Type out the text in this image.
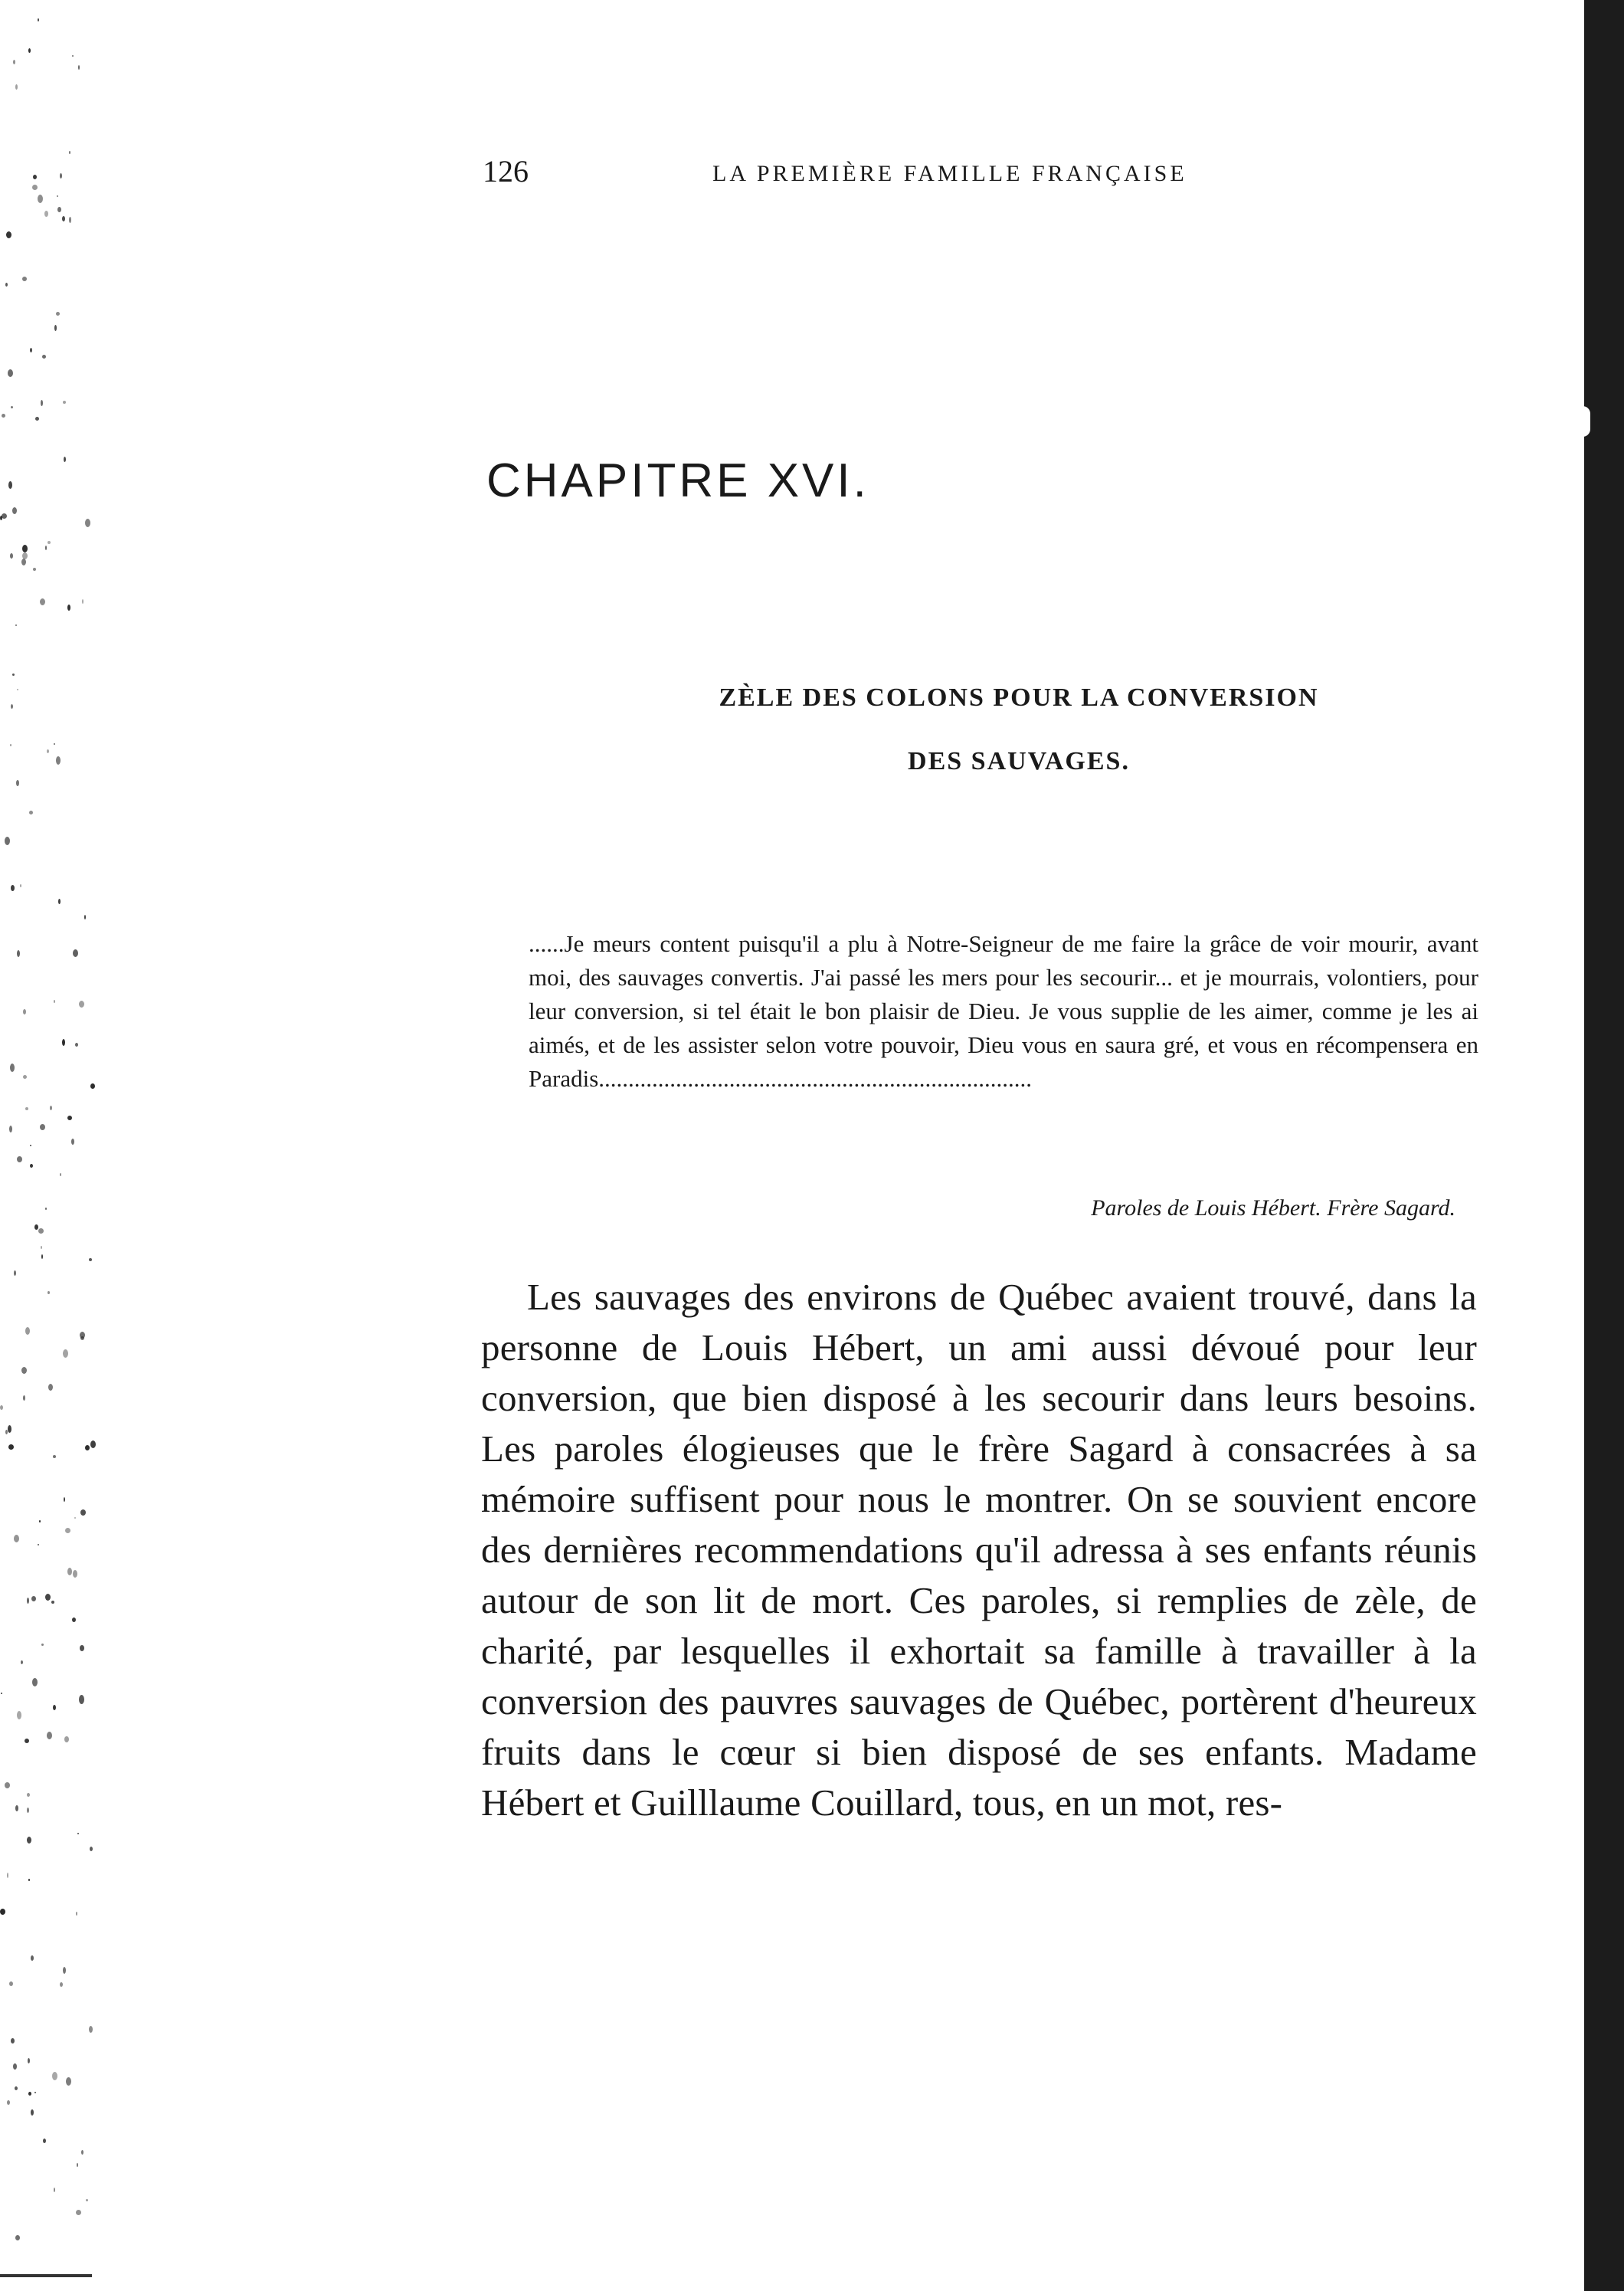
126	LA PREMIÈRE FAMILLE FRANÇAISE
CHAPITRE XVI.
ZÈLE DES COLONS POUR LA CONVERSION
DES SAUVAGES.

......Je meurs content puisqu'il a plu à Notre-Seigneur de me faire la grâce de voir mourir, avant moi, des sauvages convertis. J'ai passé les mers pour les secourir... et je mourrais, volontiers, pour leur conversion, si tel était le bon plaisir de Dieu. Je vous supplie de les aimer, comme je les ai aimés, et de les assister selon votre pouvoir, Dieu vous en saura gré, et vous en récompensera en Paradis.........................................................................

Paroles de Louis Hébert. Frère Sagard.

Les sauvages des environs de Québec avaient trouvé, dans la personne de Louis Hébert, un ami aussi dévoué pour leur conversion, que bien disposé à les secourir dans leurs besoins. Les paroles élogieuses que le frère Sagard à consacrées à sa mémoire suffisent pour nous le montrer. On se souvient encore des dernières recommendations qu'il adressa à ses enfants réunis autour de son lit de mort. Ces paroles, si remplies de zèle, de charité, par lesquelles il exhortait sa famille à travailler à la conversion des pauvres sauvages de Québec, portèrent d'heureux fruits dans le cœur si bien disposé de ses enfants. Madame Hébert et Guilllaume Couillard, tous, en un mot, res-
